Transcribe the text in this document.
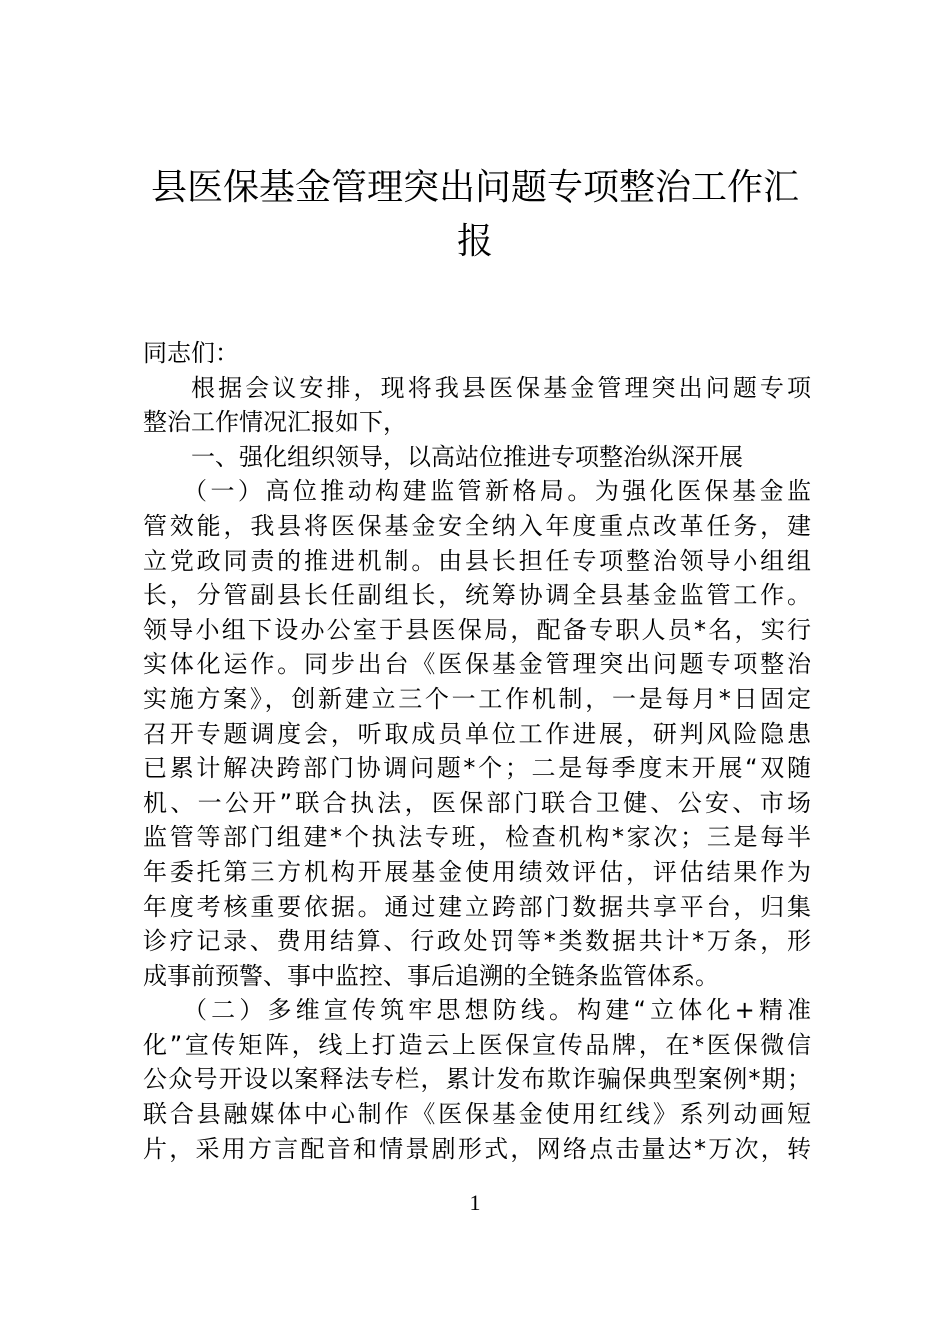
县医保基金管理突出问题专项整治工作汇
报
同志们：
根据会议安排，现将我县医保基金管理突出问题专项
整治工作情况汇报如下，
一、强化组织领导，以高站位推进专项整治纵深开展
（一）高位推动构建监管新格局。为强化医保基金监
管效能，我县将医保基金安全纳入年度重点改革任务，建
立党政同责的推进机制。由县长担任专项整治领导小组组
长，分管副县长任副组长，统筹协调全县基金监管工作。
领导小组下设办公室于县医保局，配备专职人员*名，实行
实体化运作。同步出台《医保基金管理突出问题专项整治
实施方案》，创新建立三个一工作机制，一是每月*日固定
召开专题调度会，听取成员单位工作进展，研判风险隐患
已累计解决跨部门协调问题*个；二是每季度末开展“双随
机、一公开”联合执法，医保部门联合卫健、公安、市场
监管等部门组建*个执法专班，检查机构*家次；三是每半
年委托第三方机构开展基金使用绩效评估，评估结果作为
年度考核重要依据。通过建立跨部门数据共享平台，归集
诊疗记录、费用结算、行政处罚等*类数据共计*万条，形
成事前预警、事中监控、事后追溯的全链条监管体系。
（二）多维宣传筑牢思想防线。构建“立体化+精准
化”宣传矩阵，线上打造云上医保宣传品牌，在*医保微信
公众号开设以案释法专栏，累计发布欺诈骗保典型案例*期；
联合县融媒体中心制作《医保基金使用红线》系列动画短
片，采用方言配音和情景剧形式，网络点击量达*万次，转
1
